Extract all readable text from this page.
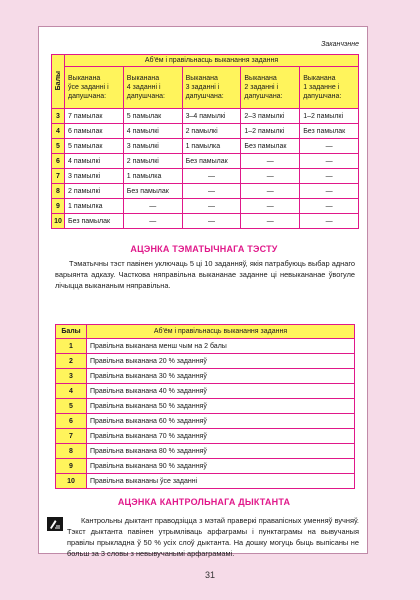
Заканчэнне
Балы	Аб'ём і правільнасць выканання задання				

	Выканана
ўсе заданні і
дапушчана:	Выканана
4 заданні і
дапушчана:	Выканана
3 заданні і
дапушчана:	Выканана
2 заданні і
дапушчана:	Выканана
1 заданне і
дапушчана:

3	7 памылак	5 памылак	3–4 памылкі	2–3 памылкі	1–2 памылкі
4	6 памылак	4 памылкі	2 памылкі	1–2 памылкі	Без памылак
5	5 памылак	3 памылкі	1 памылка	Без памылак	—
6	4 памылкі	2 памылкі	Без памылак	—	—
7	3 памылкі	1 памылка	—	—	—
8	2 памылкі	Без памылак	—	—	—
9	1 памылка	—	—	—	—
10	Без памылак	—	—	—	—
АЦЭНКА ТЭМАТЫЧНАГА ТЭСТУ

Тэматычны тэст павінен уключаць 5 ці 10 заданняў, якія патрабуюць выбар аднаго варыянта адказу. Часткова няправільна выкананае заданне ці невыкананае ўвогуле лічыцца выкананым няправільна.

Балы	Аб'ём і правільнасць выканання задання
1	Правільна выканана менш чым на 2 балы
2	Правільна выканана 20 % заданняў
3	Правільна выканана 30 % заданняў
4	Правільна выканана 40 % заданняў
5	Правільна выканана 50 % заданняў
6	Правільна выканана 60 % заданняў
7	Правільна выканана 70 % заданняў
8	Правільна выканана 80 % заданняў
9	Правільна выканана 90 % заданняў
10	Правільна выкананы ўсе заданні
АЦЭНКА КАНТРОЛЬНАГА ДЫКТАНТА

Кантрольны дыктант праводзіцца з мэтай праверкі правапісных уменняў вучняў. Тэкст дыктанта павінен утрымліваць арфаграмы і пунктаграмы на вывучаныя правілы прыкладна ў 50 % усіх слоў дыктанта. На дошку могуць быць выпісаны не больш за 3 словы з невывучанымі арфаграмамі.

31
